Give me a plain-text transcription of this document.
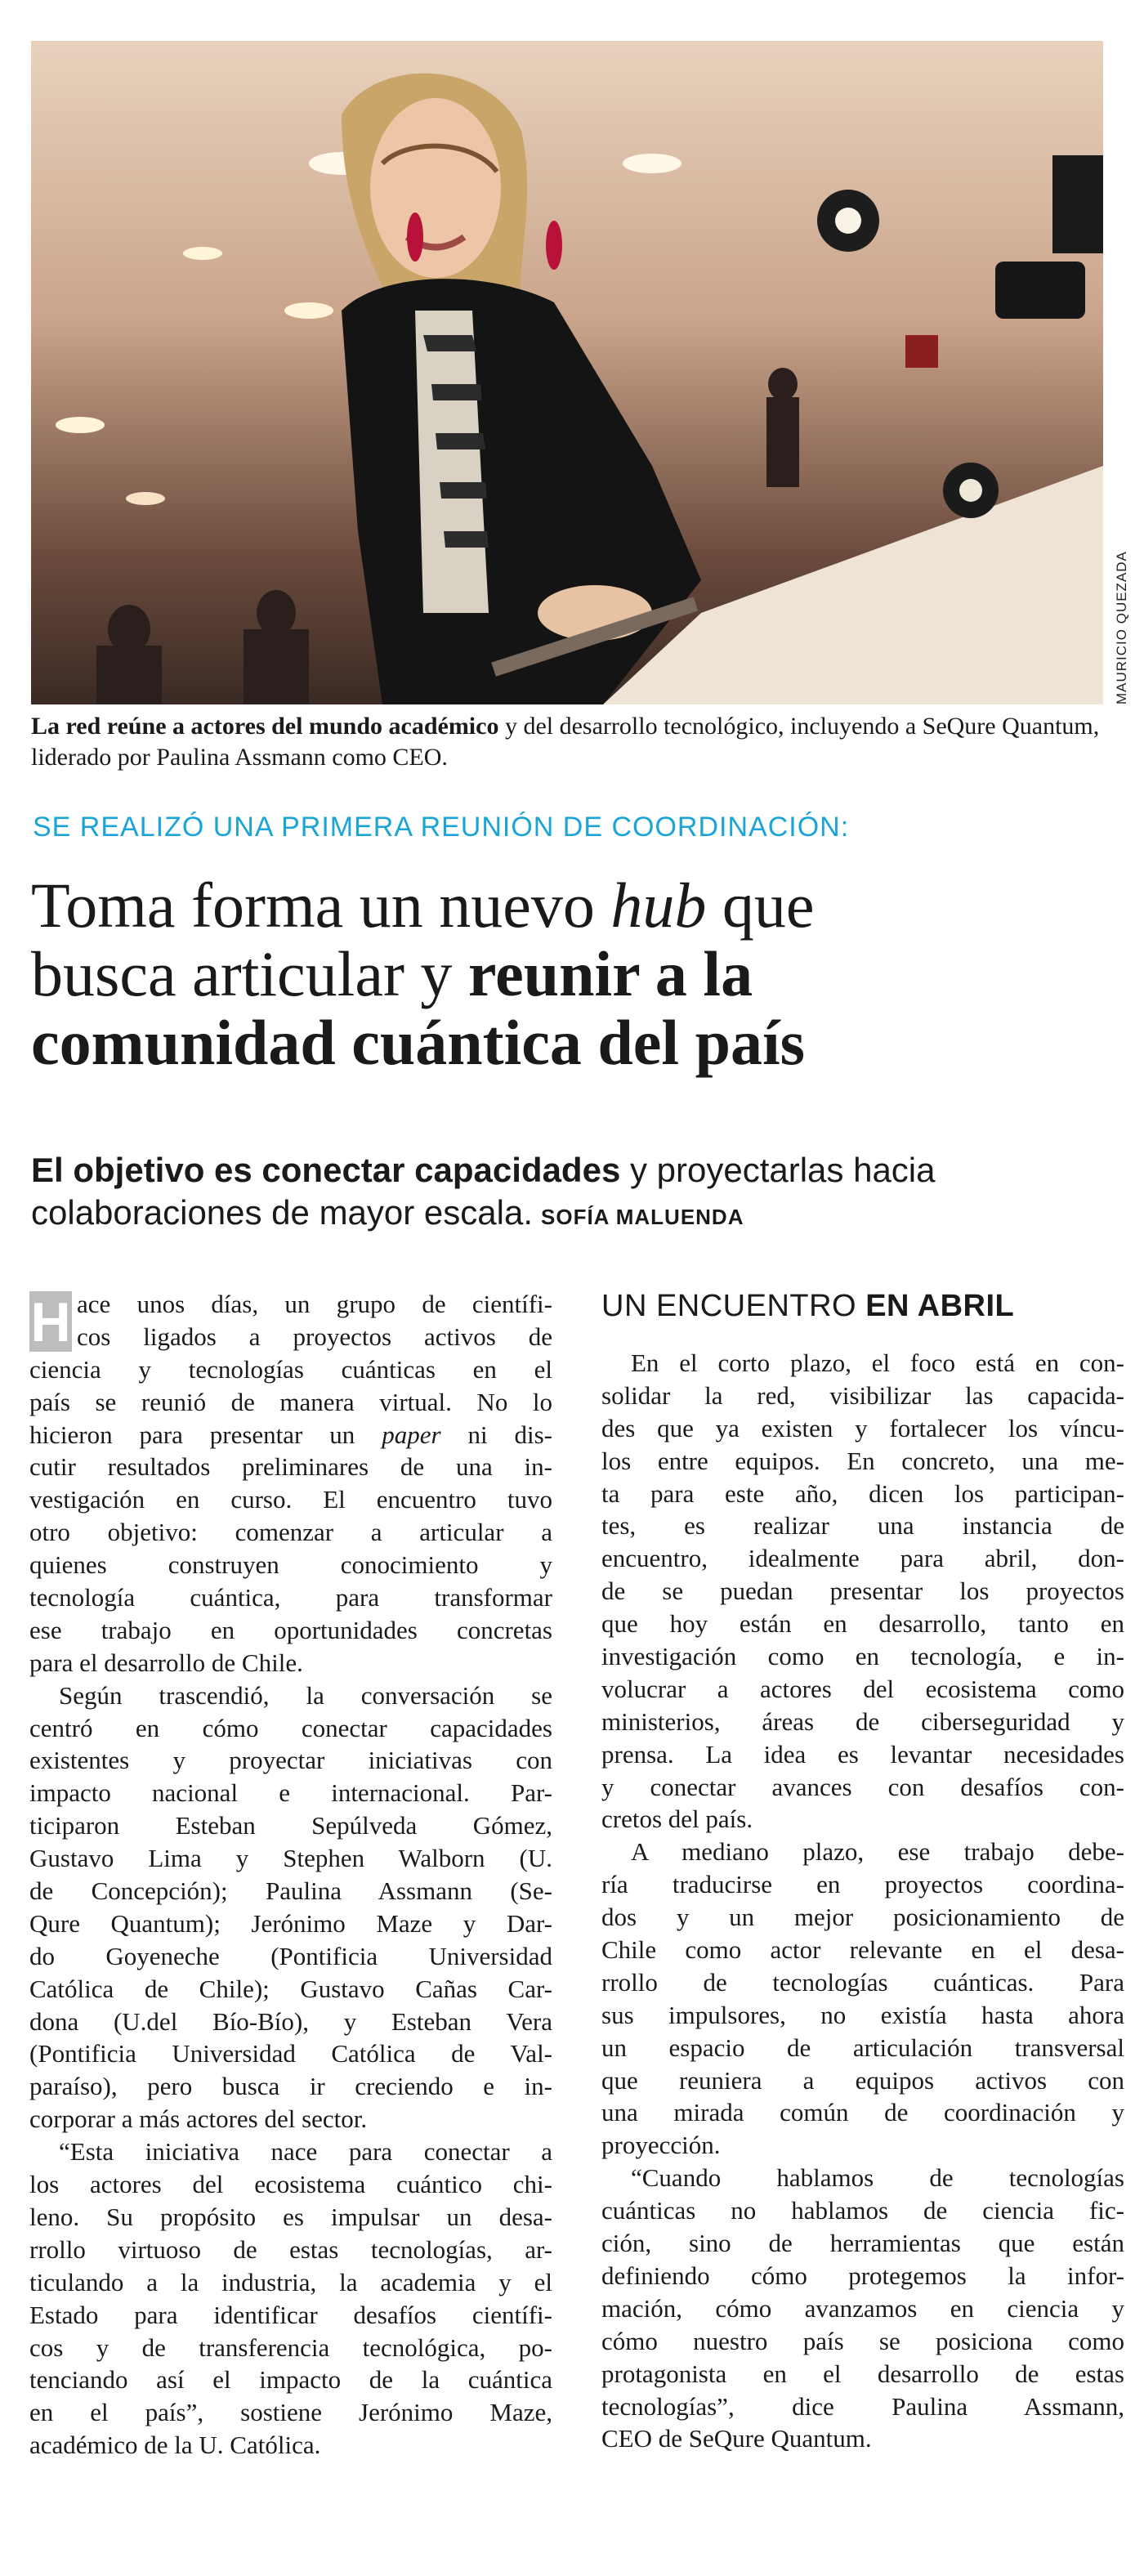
MAURICIO QUEZADA
La red reúne a actores del mundo académico y del desarrollo tecnológico, incluyendo a SeQure Quantum, liderado por Paulina Assmann como CEO.
SE REALIZÓ UNA PRIMERA REUNIÓN DE COORDINACIÓN:
Toma forma un nuevo hub que
busca articular y reunir a la
comunidad cuántica del país
El objetivo es conectar capacidades y proyectarlas hacia
colaboraciones de mayor escala. SOFÍA MALUENDA
H ace unos días, un grupo de científi-
cos ligados a proyectos activos de
ciencia y tecnologías cuánticas en el
país se reunió de manera virtual. No lo
hicieron para presentar un paper ni dis-
cutir resultados preliminares de una in-
vestigación en curso. El encuentro tuvo
otro objetivo: comenzar a articular a
quienes construyen conocimiento y
tecnología cuántica, para transformar
ese trabajo en oportunidades concretas
para el desarrollo de Chile.
Según trascendió, la conversación se
centró en cómo conectar capacidades
existentes y proyectar iniciativas con
impacto nacional e internacional. Par-
ticiparon Esteban Sepúlveda Gómez,
Gustavo Lima y Stephen Walborn (U.
de Concepción); Paulina Assmann (Se-
Qure Quantum); Jerónimo Maze y Dar-
do Goyeneche (Pontificia Universidad
Católica de Chile); Gustavo Cañas Car-
dona (U.del Bío-Bío), y Esteban Vera
(Pontificia Universidad Católica de Val-
paraíso), pero busca ir creciendo e in-
corporar a más actores del sector.
“Esta iniciativa nace para conectar a
los actores del ecosistema cuántico chi-
leno. Su propósito es impulsar un desa-
rrollo virtuoso de estas tecnologías, ar-
ticulando a la industria, la academia y el
Estado para identificar desafíos científi-
cos y de transferencia tecnológica, po-
tenciando así el impacto de la cuántica
en el país”, sostiene Jerónimo Maze,
académico de la U. Católica.
UN ENCUENTRO EN ABRIL
En el corto plazo, el foco está en con-
solidar la red, visibilizar las capacida-
des que ya existen y fortalecer los víncu-
los entre equipos. En concreto, una me-
ta para este año, dicen los participan-
tes, es realizar una instancia de
encuentro, idealmente para abril, don-
de se puedan presentar los proyectos
que hoy están en desarrollo, tanto en
investigación como en tecnología, e in-
volucrar a actores del ecosistema como
ministerios, áreas de ciberseguridad y
prensa. La idea es levantar necesidades
y conectar avances con desafíos con-
cretos del país.
A mediano plazo, ese trabajo debe-
ría traducirse en proyectos coordina-
dos y un mejor posicionamiento de
Chile como actor relevante en el desa-
rrollo de tecnologías cuánticas. Para
sus impulsores, no existía hasta ahora
un espacio de articulación transversal
que reuniera a equipos activos con
una mirada común de coordinación y
proyección.
“Cuando hablamos de tecnologías
cuánticas no hablamos de ciencia fic-
ción, sino de herramientas que están
definiendo cómo protegemos la infor-
mación, cómo avanzamos en ciencia y
cómo nuestro país se posiciona como
protagonista en el desarrollo de estas
tecnologías”, dice Paulina Assmann,
CEO de SeQure Quantum.
